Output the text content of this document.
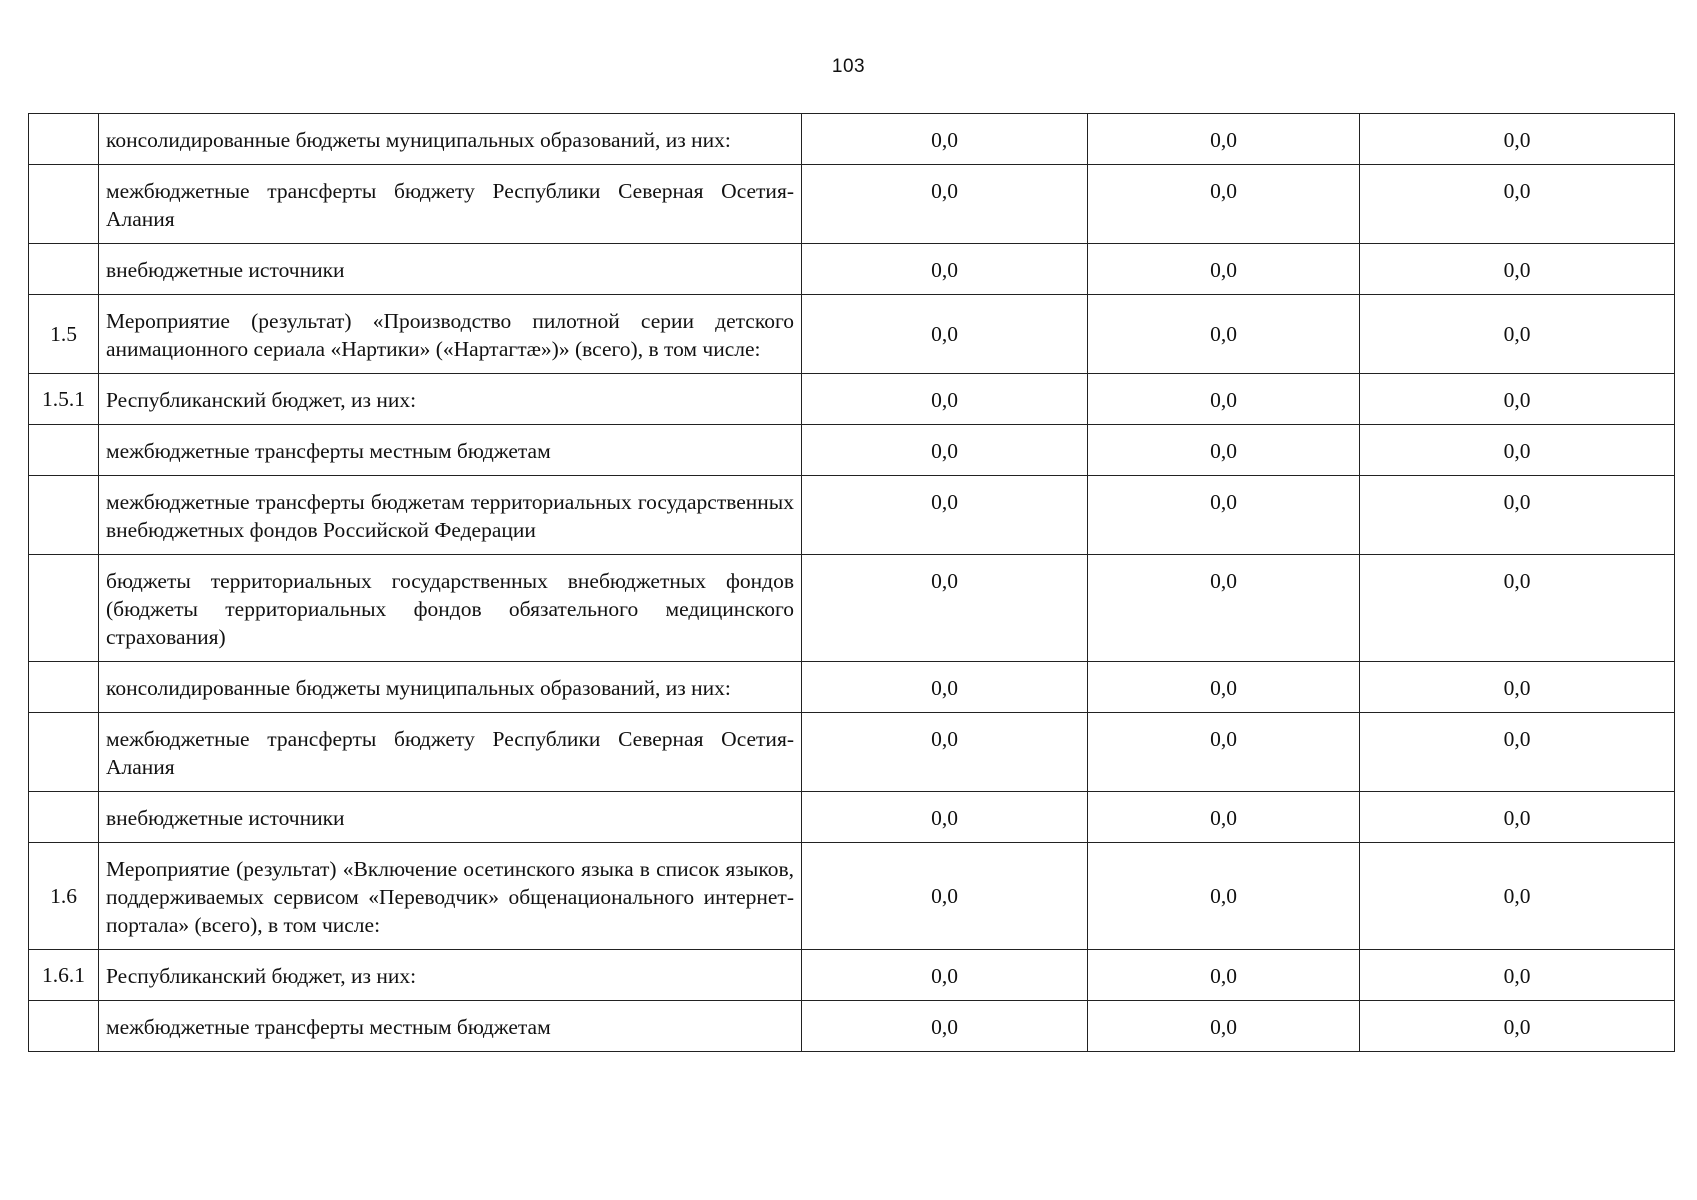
103
	консолидированные бюджеты муниципальных образований, из них:	0,0	0,0	0,0
	межбюджетные трансферты бюджету Республики Северная Осетия-Алания	0,0	0,0	0,0
	внебюджетные источники	0,0	0,0	0,0
1.5	Мероприятие (результат) «Производство пилотной серии детского анимационного сериала «Нартики» («Нартагтæ»)» (всего), в том числе:	0,0	0,0	0,0
1.5.1	Республиканский бюджет, из них:	0,0	0,0	0,0
	межбюджетные трансферты местным бюджетам	0,0	0,0	0,0
	межбюджетные трансферты бюджетам территориальных государственных внебюджетных фондов Российской Федерации	0,0	0,0	0,0
	бюджеты территориальных государственных внебюджетных фондов (бюджеты территориальных фондов обязательного медицинского страхования)	0,0	0,0	0,0
	консолидированные бюджеты муниципальных образований, из них:	0,0	0,0	0,0
	межбюджетные трансферты бюджету Республики Северная Осетия-Алания	0,0	0,0	0,0
	внебюджетные источники	0,0	0,0	0,0
1.6	Мероприятие (результат) «Включение осетинского языка в список языков, поддерживаемых сервисом «Переводчик» общенационального интернет-портала» (всего), в том числе:	0,0	0,0	0,0
1.6.1	Республиканский бюджет, из них:	0,0	0,0	0,0
	межбюджетные трансферты местным бюджетам	0,0	0,0	0,0
